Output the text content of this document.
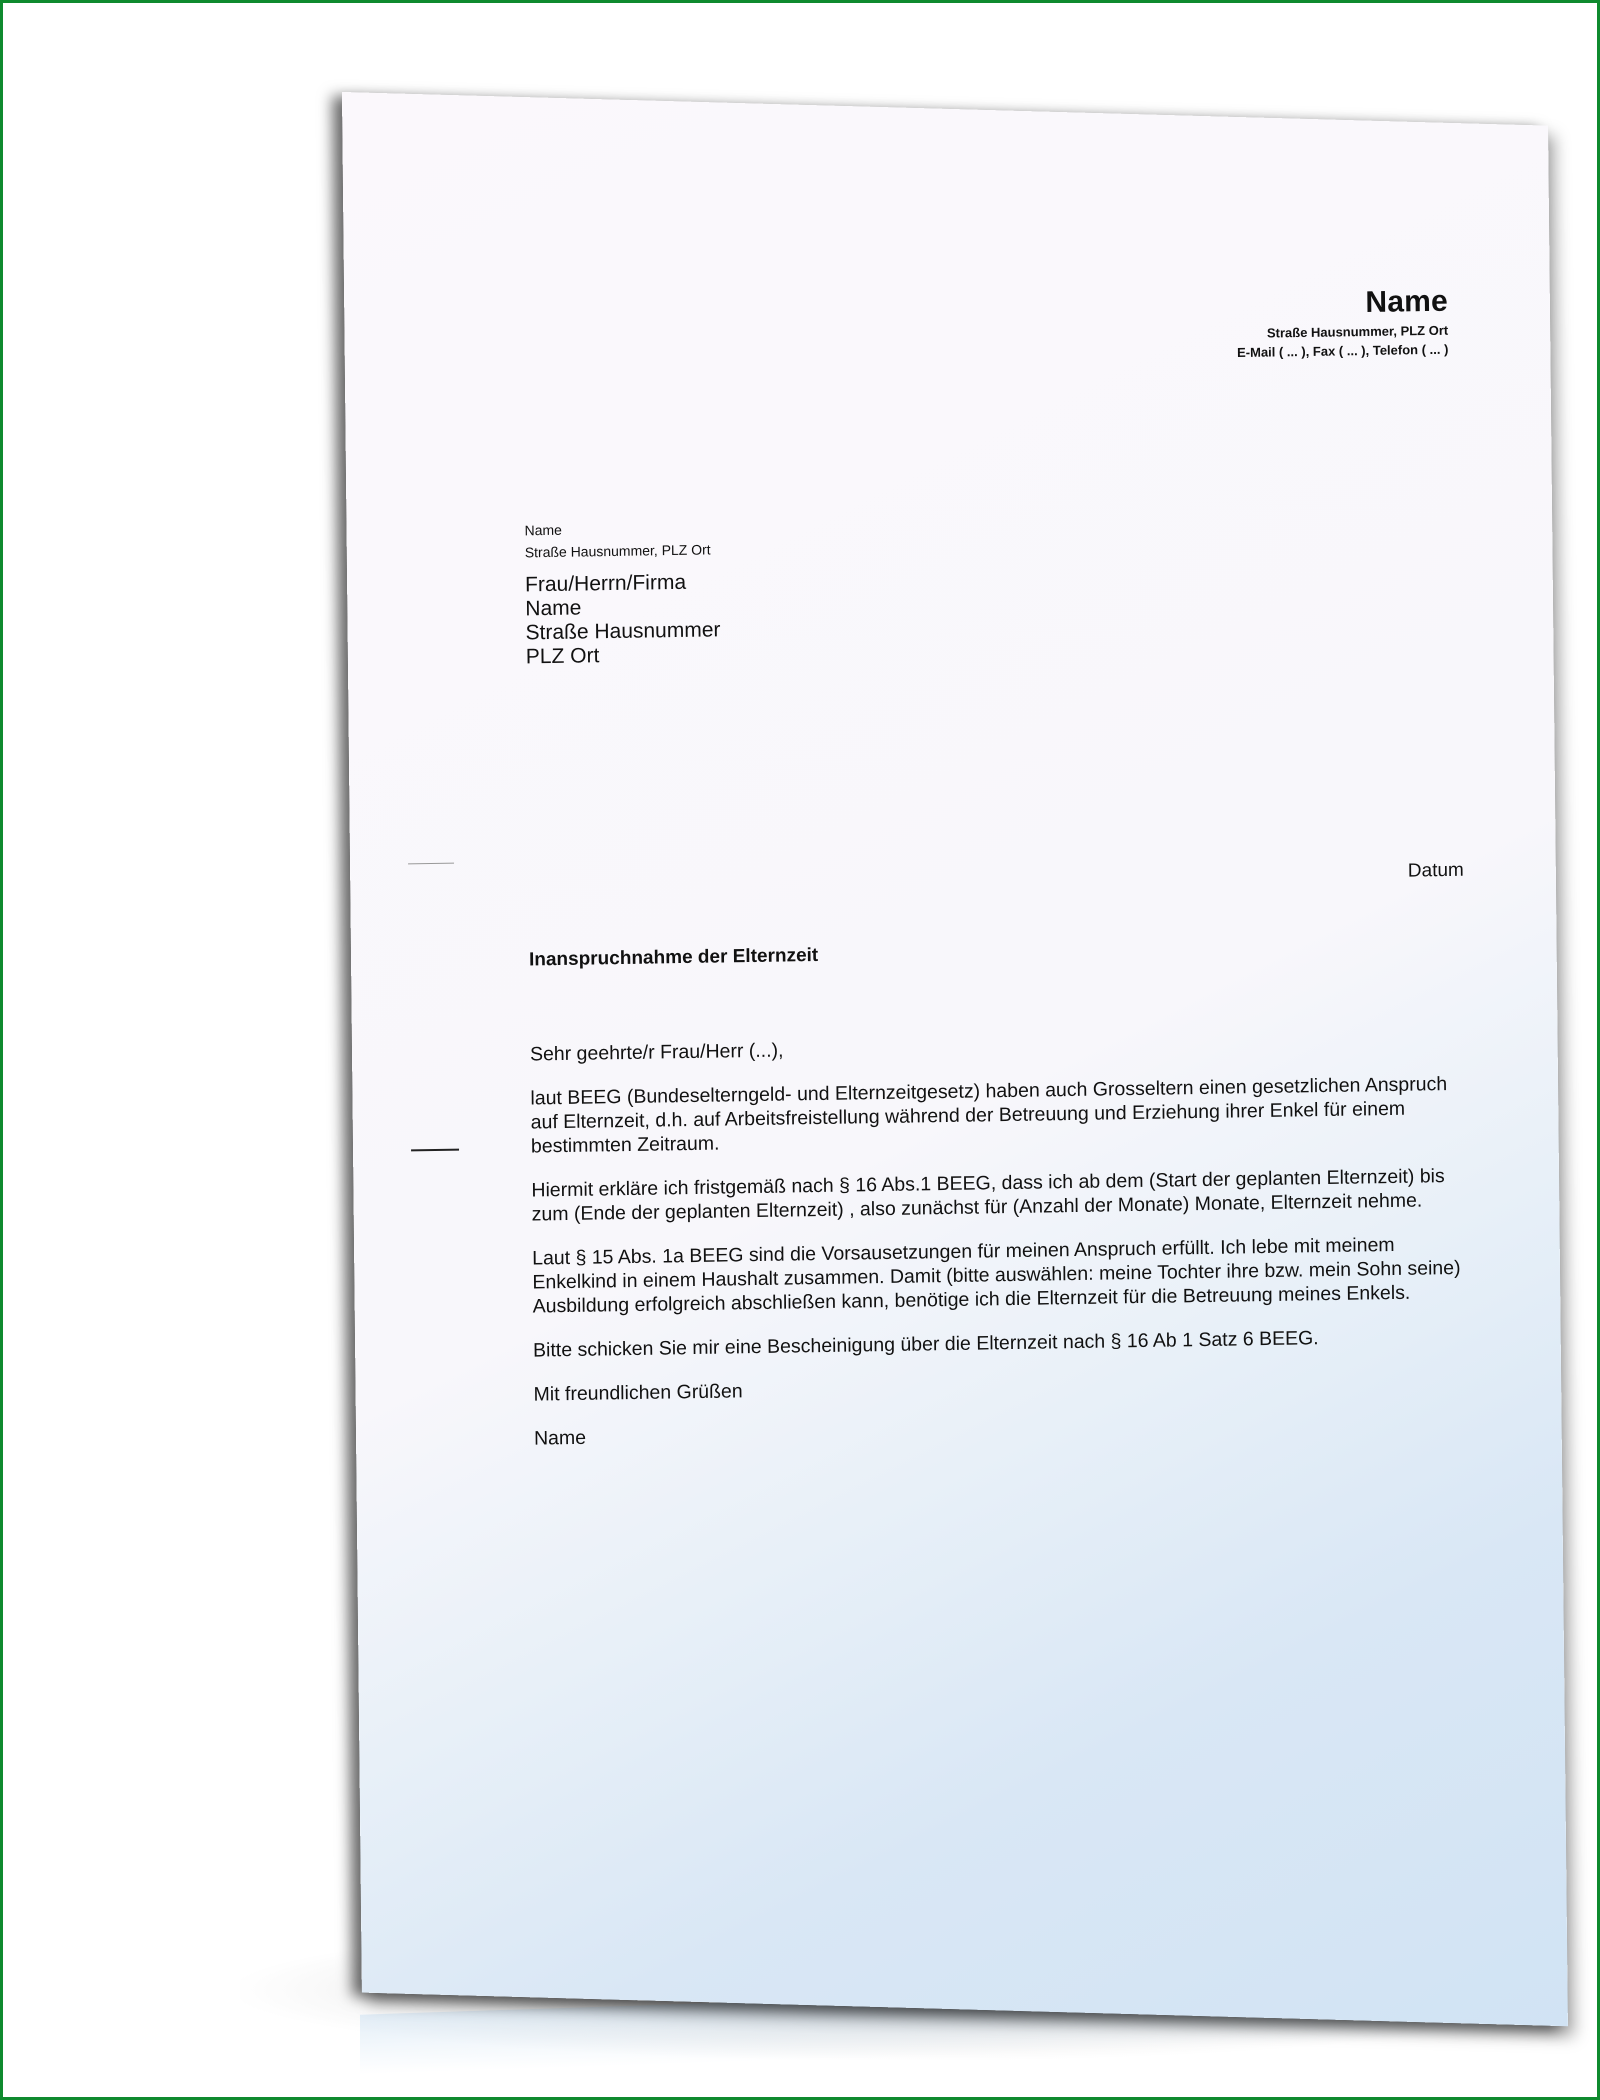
Name
Straße Hausnummer, PLZ Ort
E-Mail ( ... ), Fax ( ... ), Telefon ( ... )
Name
Straße Hausnummer, PLZ Ort
Frau/Herrn/Firma
Name
Straße Hausnummer
PLZ Ort
Datum
Inanspruchnahme der Elternzeit

Sehr geehrte/r Frau/Herr (...),

laut BEEG (Bundeselterngeld- und Elternzeitgesetz) haben auch Grosseltern einen gesetzlichen Anspruch auf Elternzeit, d.h. auf Arbeitsfreistellung während der Betreuung und Erziehung ihrer Enkel für einem bestimmten Zeitraum.

Hiermit erkläre ich fristgemäß nach § 16 Abs.1 BEEG, dass ich ab dem (Start der geplanten Elternzeit) bis zum (Ende der geplanten Elternzeit) , also zunächst für (Anzahl der Monate) Monate, Elternzeit nehme.

Laut § 15 Abs. 1a BEEG sind die Vorsausetzungen für meinen Anspruch erfüllt. Ich lebe mit meinem Enkelkind in einem Haushalt zusammen. Damit (bitte auswählen: meine Tochter ihre bzw. mein Sohn seine) Ausbildung erfolgreich abschließen kann, benötige ich die Elternzeit für die Betreuung meines Enkels.

Bitte schicken Sie mir eine Bescheinigung über die Elternzeit nach § 16 Ab 1 Satz 6 BEEG.

Mit freundlichen Grüßen

Name
